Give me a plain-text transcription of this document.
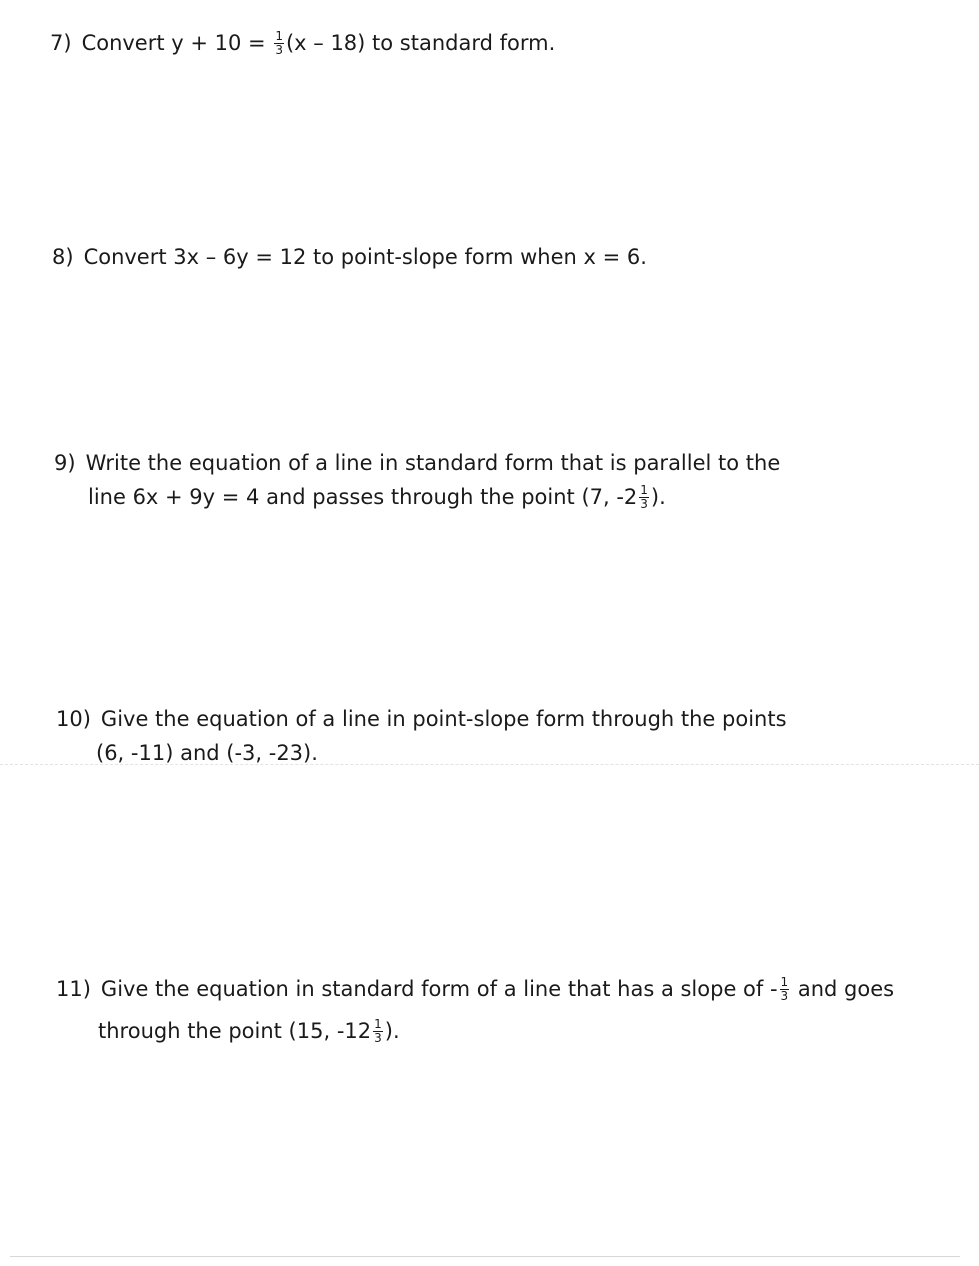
7) Convert $y + 10 = \frac{1}{3} (x - 18)$ to standard form.
8) Convert 3x – 6y = 12 to point-slope form when x = 6.
9) Write the equation of a line in standard form that is parallel to the
line 6x + 9y = 4 and passes through the point (7, $-2 \frac{1}{3}$ ).
10) Give the equation of a line in point-slope form through the points
(6, -11) and (-3, -23).
11) Give the equation in standard form of a line that has a slope of - $\frac{1}{3}$ and goes
through the point (15, $-12 \frac{1}{3}$ ).
